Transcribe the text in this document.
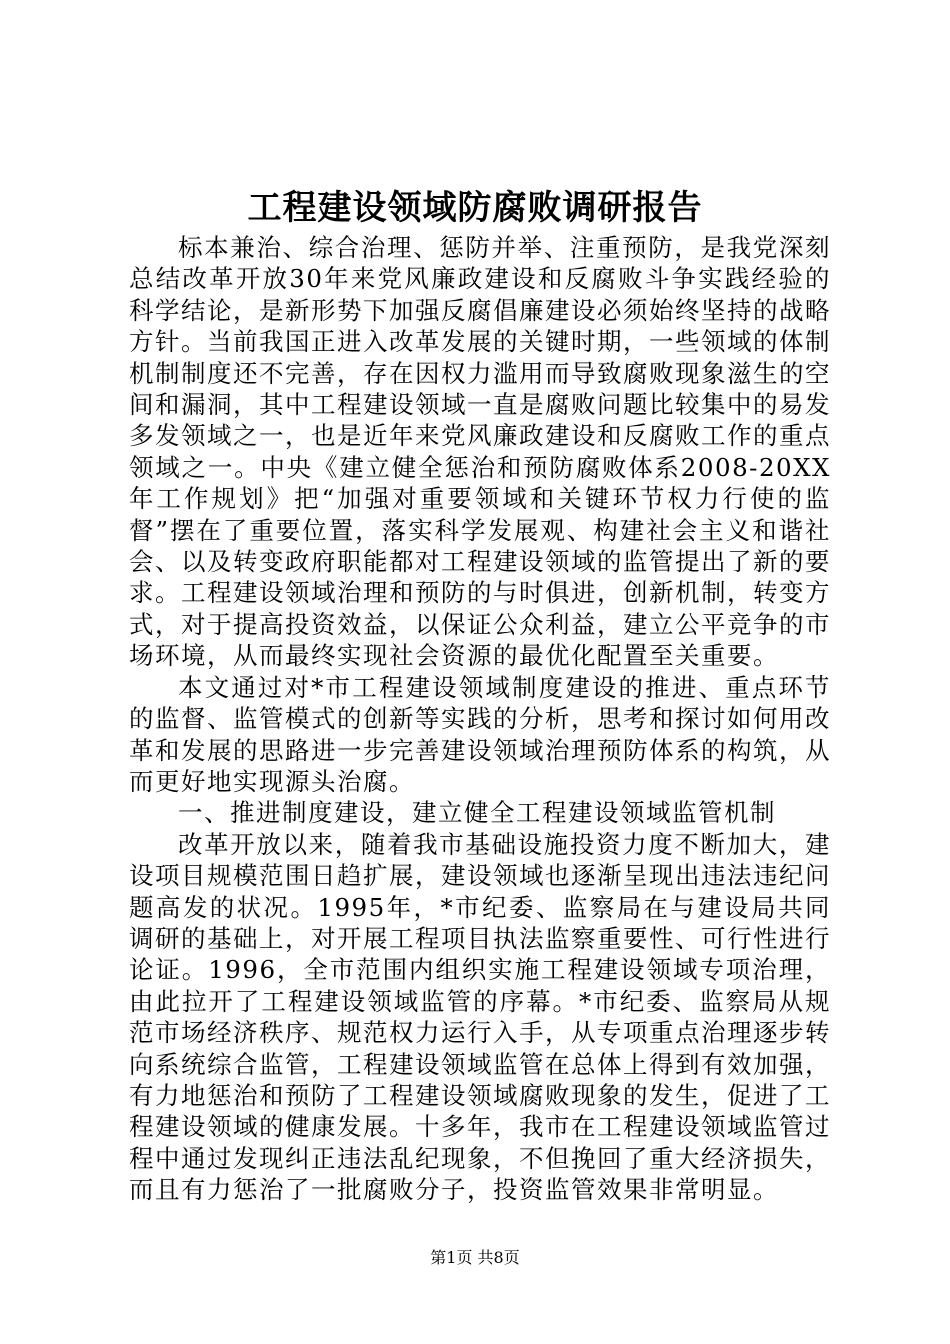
工程建设领域防腐败调研报告

标本兼治、综合治理、惩防并举、注重预防，是我党深刻总结改革开放30年来党风廉政建设和反腐败斗争实践经验的科学结论，是新形势下加强反腐倡廉建设必须始终坚持的战略方针。当前我国正进入改革发展的关键时期，一些领域的体制机制制度还不完善，存在因权力滥用而导致腐败现象滋生的空间和漏洞，其中工程建设领域一直是腐败问题比较集中的易发多发领域之一，也是近年来党风廉政建设和反腐败工作的重点领域之一。中央《建立健全惩治和预防腐败体系2008-20XX年工作规划》把“加强对重要领域和关键环节权力行使的监督”摆在了重要位置，落实科学发展观、构建社会主义和谐社会、以及转变政府职能都对工程建设领域的监管提出了新的要求。工程建设领域治理和预防的与时俱进，创新机制，转变方式，对于提高投资效益，以保证公众利益，建立公平竞争的市场环境，从而最终实现社会资源的最优化配置至关重要。

本文通过对*市工程建设领域制度建设的推进、重点环节的监督、监管模式的创新等实践的分析，思考和探讨如何用改革和发展的思路进一步完善建设领域治理预防体系的构筑，从而更好地实现源头治腐。

一、推进制度建设，建立健全工程建设领域监管机制

改革开放以来，随着我市基础设施投资力度不断加大，建设项目规模范围日趋扩展，建设领域也逐渐呈现出违法违纪问题高发的状况。1995年，*市纪委、监察局在与建设局共同调研的基础上，对开展工程项目执法监察重要性、可行性进行论证。1996，全市范围内组织实施工程建设领域专项治理，由此拉开了工程建设领域监管的序幕。*市纪委、监察局从规范市场经济秩序、规范权力运行入手，从专项重点治理逐步转向系统综合监管，工程建设领域监管在总体上得到有效加强，有力地惩治和预防了工程建设领域腐败现象的发生，促进了工程建设领域的健康发展。十多年，我市在工程建设领域监管过程中通过发现纠正违法乱纪现象，不但挽回了重大经济损失，而且有力惩治了一批腐败分子，投资监管效果非常明显。

第1页 共8页
